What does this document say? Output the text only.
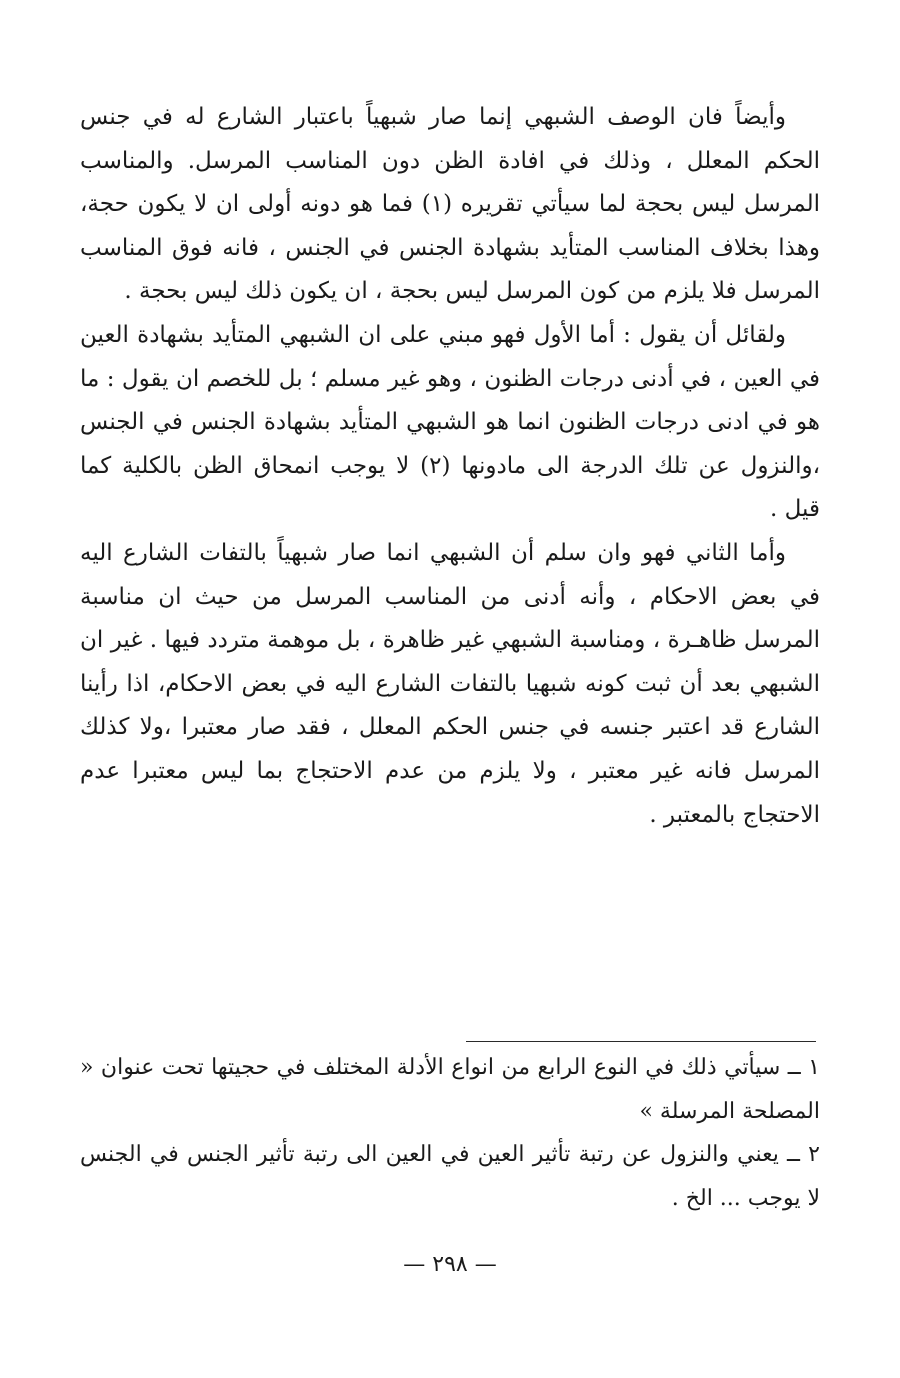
وأيضاً فان الوصف الشبهي إنما صار شبهياً باعتبار الشارع له في جنس الحكم المعلل ، وذلك في افادة الظن دون المناسب المرسل. والمناسب المرسل ليس بحجة لما سيأتي تقريره (١) فما هو دونه أولى ان لا يكون حجة، وهذا بخلاف المناسب المتأيد بشهادة الجنس في الجنس ، فانه فوق المناسب المرسل فلا يلزم من كون المرسل ليس بحجة ، ان يكون ذلك ليس بحجة .

ولقائل أن يقول : أما الأول فهو مبني على ان الشبهي المتأيد بشهادة العين في العين ، في أدنى درجات الظنون ، وهو غير مسلم ؛ بل للخصم ان يقول : ما هو في ادنى درجات الظنون انما هو الشبهي المتأيد بشهادة الجنس في الجنس ،والنزول عن تلك الدرجة الى مادونها (٢) لا يوجب انمحاق الظن بالكلية كما قيل .

وأما الثاني فهو وان سلم أن الشبهي انما صار شبهياً بالتفات الشارع اليه في بعض الاحكام ، وأنه أدنى من المناسب المرسل من حيث ان مناسبة المرسل ظاهـرة ، ومناسبة الشبهي غير ظاهرة ، بل موهمة متردد فيها . غير ان الشبهي بعد أن ثبت كونه شبهيا بالتفات الشارع اليه في بعض الاحكام، اذا رأينا الشارع قد اعتبر جنسه في جنس الحكم المعلل ، فقد صار معتبرا ،ولا كذلك المرسل فانه غير معتبر ، ولا يلزم من عدم الاحتجاج بما ليس معتبرا عدم الاحتجاج بالمعتبر .

١ ــ سيأتي ذلك في النوع الرابع من انواع الأدلة المختلف في حجيتها تحت عنوان « المصلحة المرسلة »

٢ ــ يعني والنزول عن رتبة تأثير العين في العين الى رتبة تأثير الجنس في الجنس لا يوجب ... الخ .

— ٢٩٨ —
